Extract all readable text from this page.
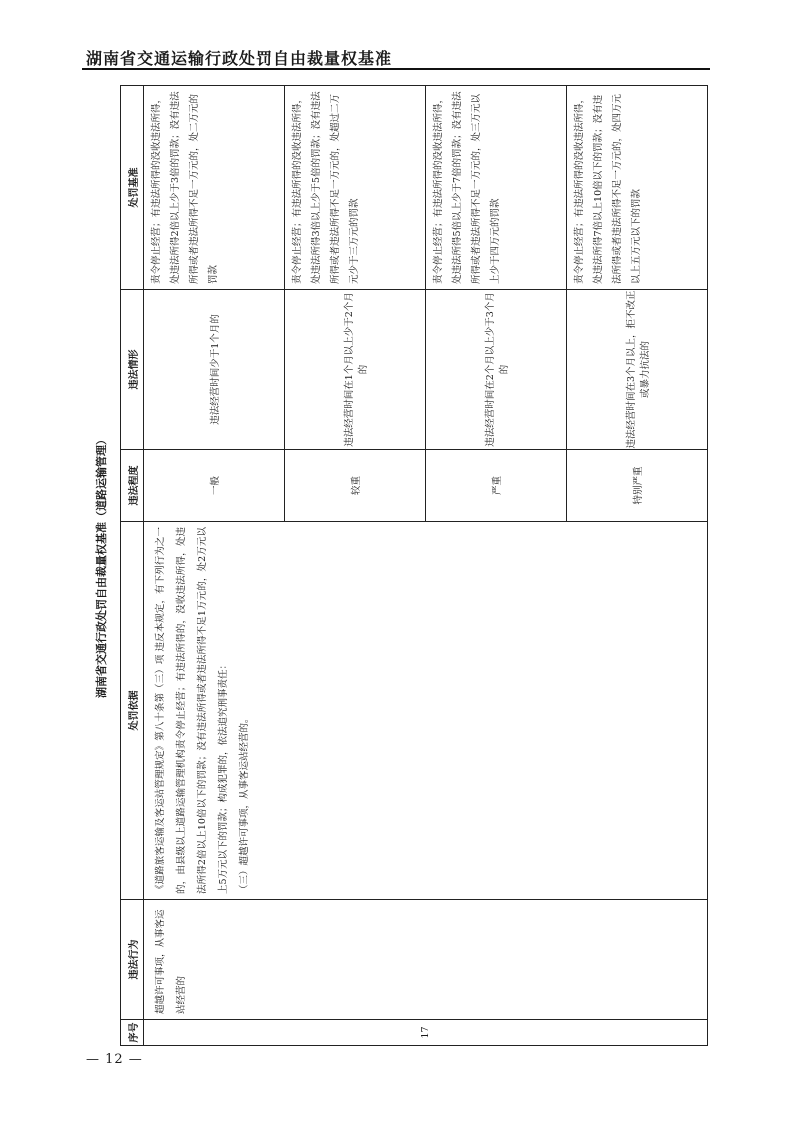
湖南省交通运输行政处罚自由裁量权基准
湖南省交通行政处罚自由裁量权基准（道路运输管理）
序号	违法行为	处罚依据	违法程度	违法情形	处罚基准
17	超越许可事项，从事客运站经营的	《道路旅客运输及客运站管理规定》第八十条第（三）项 违反本规定，有下列行为之一的，由县级以上道路运输管理机构责令停止经营；有违法所得的，没收违法所得，处违法所得2倍以上10倍以下的罚款；没有违法所得或者违法所得不足1万元的，处2万元以上5万元以下的罚款；构成犯罪的，依法追究刑事责任： （三）超越许可事项，从事客运站经营的。	一般	违法经营时间少于1个月的	责令停止经营；有违法所得的没收违法所得，处违法所得2倍以上少于3倍的罚款；没有违法所得或者违法所得不足一万元的，处二万元的罚款
			较重	违法经营时间在1个月以上少于2个月的	责令停止经营；有违法所得的没收违法所得，处违法所得3倍以上少于5倍的罚款；没有违法所得或者违法所得不足一万元的，处超过二万元少于三万元的罚款
			严重	违法经营时间在2个月以上少于3个月的	责令停止经营；有违法所得的没收违法所得，处违法所得5倍以上少于7倍的罚款；没有违法所得或者违法所得不足一万元的，处三万元以上少于四万元的罚款
			特别严重	违法经营时间在3个月以上，拒不改正或暴力抗法的	责令停止经营；有违法所得的没收违法所得，处违法所得7倍以上10倍以下的罚款；没有违法所得或者违法所得不足一万元的，处四万元以上五万元以下的罚款
— 12 —
